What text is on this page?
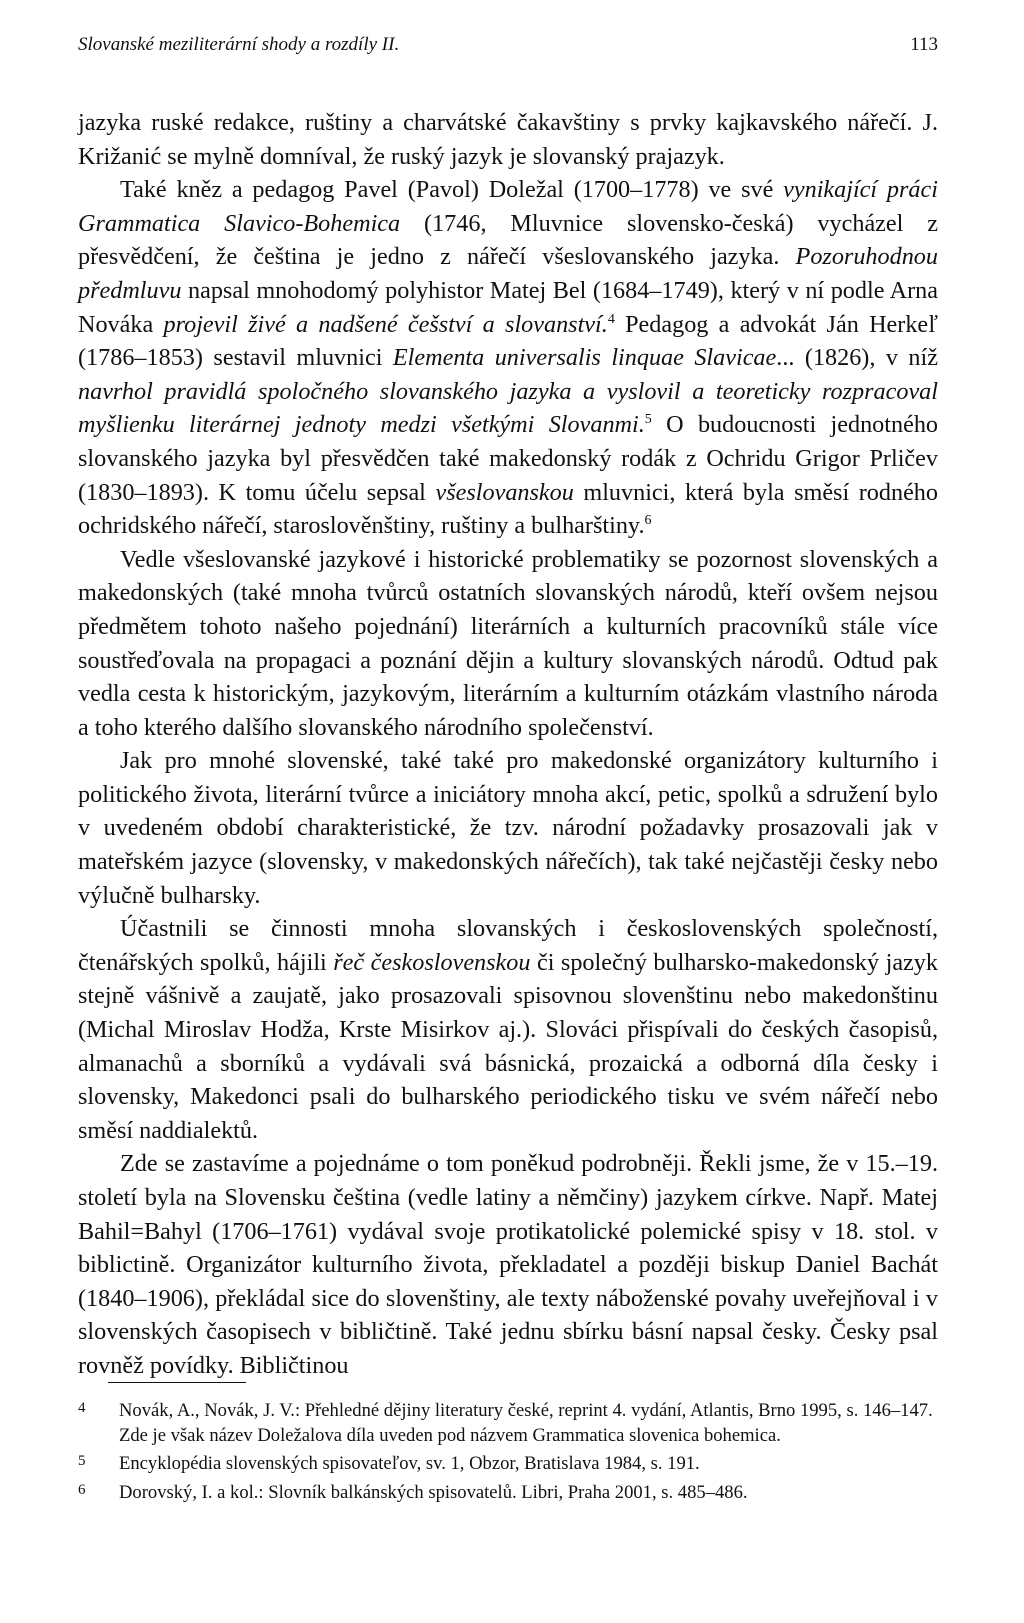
Slovanské meziliterární shody a rozdíly II.	113

jazyka ruské redakce, ruštiny a charvátské čakavštiny s prvky kajkavského nářečí. J. Križanić se mylně domníval, že ruský jazyk je slovanský prajazyk.

Také kněz a pedagog Pavel (Pavol) Doležal (1700–1778) ve své vynikající práci Grammatica Slavico-Bohemica (1746, Mluvnice slovensko-česká) vycházel z přesvědčení, že čeština je jedno z nářečí všeslovanského jazyka. Pozoruhodnou předmluvu napsal mnohodomý polyhistor Matej Bel (1684–1749), který v ní podle Arna Nováka projevil živé a nadšené češství a slovanství.$^4$ Pedagog a advokát Ján Herkeľ (1786–1853) sestavil mluvnici Elementa universalis linquae Slavicae... (1826), v níž navrhol pravidlá spoločného slovanského jazyka a vyslovil a teoreticky rozpracoval myšlienku literárnej jednoty medzi všetkými Slovanmi.$^5$ O budoucnosti jednotného slovanského jazyka byl přesvědčen také makedonský rodák z Ochridu Grigor Prličev (1830–1893). K tomu účelu sepsal všeslovanskou mluvnici, která byla směsí rodného ochridského nářečí, staroslověnštiny, ruštiny a bulharštiny.$^6$

Vedle všeslovanské jazykové i historické problematiky se pozornost slovenských a makedonských (také mnoha tvůrců ostatních slovanských národů, kteří ovšem nejsou předmětem tohoto našeho pojednání) literárních a kulturních pracovníků stále více soustřeďovala na propagaci a poznání dějin a kultury slovanských národů. Odtud pak vedla cesta k historickým, jazykovým, literárním a kulturním otázkám vlastního národa a toho kterého dalšího slovanského národního společenství.

Jak pro mnohé slovenské, také také pro makedonské organizátory kulturního i politického života, literární tvůrce a iniciátory mnoha akcí, petic, spolků a sdružení bylo v uvedeném období charakteristické, že tzv. národní požadavky prosazovali jak v mateřském jazyce (slovensky, v makedonských nářečích), tak také nejčastěji česky nebo výlučně bulharsky.

Účastnili se činnosti mnoha slovanských i československých společností, čtenářských spolků, hájili řeč československou či společný bulharsko-makedonský jazyk stejně vášnivě a zaujatě, jako prosazovali spisovnou slovenštinu nebo makedonštinu (Michal Miroslav Hodža, Krste Misirkov aj.). Slováci přispívali do českých časopisů, almanachů a sborníků a vydávali svá básnická, prozaická a odborná díla česky i slovensky, Makedonci psali do bulharského periodického tisku ve svém nářečí nebo směsí naddialektů.

Zde se zastavíme a pojednáme o tom poněkud podrobněji. Řekli jsme, že v 15.–19. století byla na Slovensku čeština (vedle latiny a němčiny) jazykem církve. Např. Matej Bahil=Bahyl (1706–1761) vydával svoje protikatolické polemické spisy v 18. stol. v biblictině. Organizátor kulturního života, překladatel a později biskup Daniel Bachát (1840–1906), překládal sice do slovenštiny, ale texty náboženské povahy uveřejňoval i v slovenských časopisech v bibličtině. Také jednu sbírku básní napsal česky. Česky psal rovněž povídky. Bibličtinou

4	Novák, A., Novák, J. V.: Přehledné dějiny literatury české, reprint 4. vydání, Atlantis, Brno 1995, s. 146–147. Zde je však název Doležalova díla uveden pod názvem Grammatica slovenica bohemica.
5	Encyklopédia slovenských spisovateľov, sv. 1, Obzor, Bratislava 1984, s. 191.
6	Dorovský, I. a kol.: Slovník balkánských spisovatelů. Libri, Praha 2001, s. 485–486.
